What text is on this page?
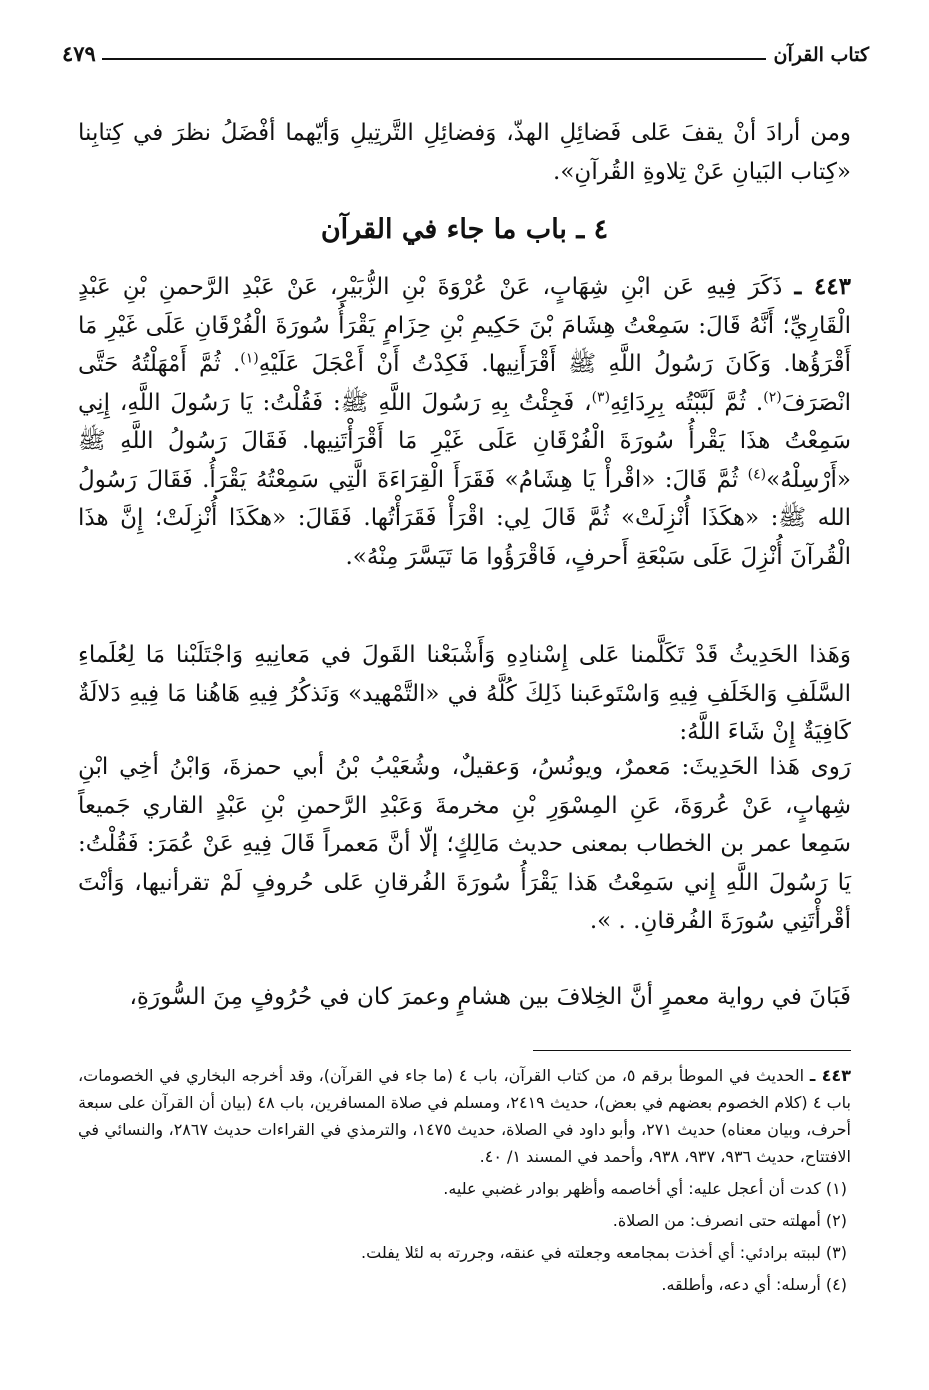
كتاب القرآن
٤٧٩

ومن أرادَ أنْ يقفَ عَلى فَضائِلِ الهذّ، وَفضائِلِ التَّرتِيلِ وَأيّهما أفْضَلُ نظرَ في كِتابِنا «كِتاب البَيانِ عَنْ تِلاوةِ القُرآنِ».

٤ ـ باب ما جاء في القرآن

٤٤٣ ـ ذَكَرَ فِيهِ عَن ابْنِ شِهَابٍ، عَنْ عُرْوَةَ بْنِ الزُّبَيْرِ، عَنْ عَبْدِ الرَّحمنِ بْنِ عَبْدٍ الْقَارِيِّ؛ أَنَّهُ قَالَ: سَمِعْتُ هِشَامَ بْنَ حَكِيمِ بْنِ حِزَامٍ يَقْرَأُ سُورَةَ الْفُرْقَانِ عَلَى غَيْرِ مَا أَقْرَؤُها. وَكَانَ رَسُولُ اللَّهِ ﷺ أَقْرَأَنِيها. فَكِدْتُ أَنْ أَعْجَلَ عَلَيْهِ$^{(١)}$. ثُمَّ أَمْهَلْتُهُ حَتَّى انْصَرَفَ$^{(٢)}$. ثُمَّ لَبَّبْتُه بِرِدَائِهِ$^{(٣)}$، فَجِئْتُ بِهِ رَسُولَ اللَّهِ ﷺ: فَقُلْتُ: يَا رَسُولَ اللَّهِ، إِنِي سَمِعْتُ هذَا يَقْرأُ سُورَةَ الْفُرْقَانِ عَلَى غَيْرِ مَا أَقْرَأْتَنِيها. فَقَالَ رَسُولُ اللَّهِ ﷺ «أَرْسِلْهُ»$^{(٤)}$ ثُمَّ قَالَ: «اقْرأْ يَا هِشَامُ» فَقَرَأَ الْقِرَاءَةَ الَّتِي سَمِعْتُهُ يَقْرَأُ. فَقَالَ رَسُولُ الله ﷺ: «هكَذَا أُنْزِلَتْ» ثُمَّ قَالَ لِي: اقْرَأْ فَقَرَأْتُها. فَقَالَ: «هكَذَا أُنْزِلَتْ؛ إِنَّ هذَا الْقُرآنَ أُنْزِلَ عَلَى سَبْعَةِ أَحرفٍ، فَاقْرَؤُوا مَا تَيَسَّرَ مِنْهُ».

وَهَذا الحَدِيثُ قَدْ تَكَلَّمنا عَلى إِسْنادِهِ وَأَشْبَعْنا القَولَ في مَعانِيهِ وَاجْتَلَبْنا مَا لِعُلَماءِ السَّلَفِ وَالخَلَفِ فِيهِ وَاسْتَوعَبنا ذَلِكَ كُلَّهُ في «التَّمْهيد» وَنَذكُرُ فِيهِ هَاهُنا مَا فِيهِ دَلالَةٌ كَافِيَةٌ إِنْ شَاءَ اللَّهُ:

رَوى هَذا الحَدِيثَ: مَعمرٌ، ويونُسُ، وَعقيلٌ، وشُعَيْبُ بْنُ أبي حمزةَ، وَابْنُ أخِي ابْنِ شِهابٍ، عَنْ عُروَةَ، عَنِ المِسْوَرِ بْنِ مخرمةَ وَعَبْدِ الرَّحمنِ بْنِ عَبْدٍ القاري جَميعاً سَمِعا عمر بن الخطاب بمعنى حديث مَالِكٍ؛ إلّا أنَّ مَعمراً قَالَ فِيهِ عَنْ عُمَرَ: فَقُلْتُ: يَا رَسُولَ اللَّهِ إِني سَمِعْتُ هَذا يَقْرَأُ سُورَةَ الفُرقانِ عَلى حُروفٍ لَمْ تقرأنيها، وَأنْتَ أقْرأْتَنِي سُورَةَ الفُرقانِ. . ».

فَبَانَ في رواية معمرٍ أنَّ الخِلافَ بين هشامٍ وعمرَ كان في حُرُوفٍ مِنَ السُّورَةِ،

٤٤٣ ـ الحديث في الموطأ برقم ٥، من كتاب القرآن، باب ٤ (ما جاء في القرآن)، وقد أخرجه البخاري في الخصومات، باب ٤ (كلام الخصوم بعضهم في بعض)، حديث ٢٤١٩، ومسلم في صلاة المسافرين، باب ٤٨ (بيان أن القرآن على سبعة أحرف، وبيان معناه) حديث ٢٧١، وأبو داود في الصلاة، حديث ١٤٧٥، والترمذي في القراءات حديث ٢٨٦٧، والنسائي في الافتتاح، حديث ٩٣٦، ٩٣٧، ٩٣٨، وأحمد في المسند ١/ ٤٠.

(١) كدت أن أعجل عليه: أي أخاصمه وأظهر بوادر غضبي عليه.

(٢) أمهلته حتى انصرف: من الصلاة.

(٣) لببته برادئي: أي أخذت بمجامعه وجعلته في عنقه، وجررته به لئلا يفلت.

(٤) أرسله: أي دعه، وأطلقه.
